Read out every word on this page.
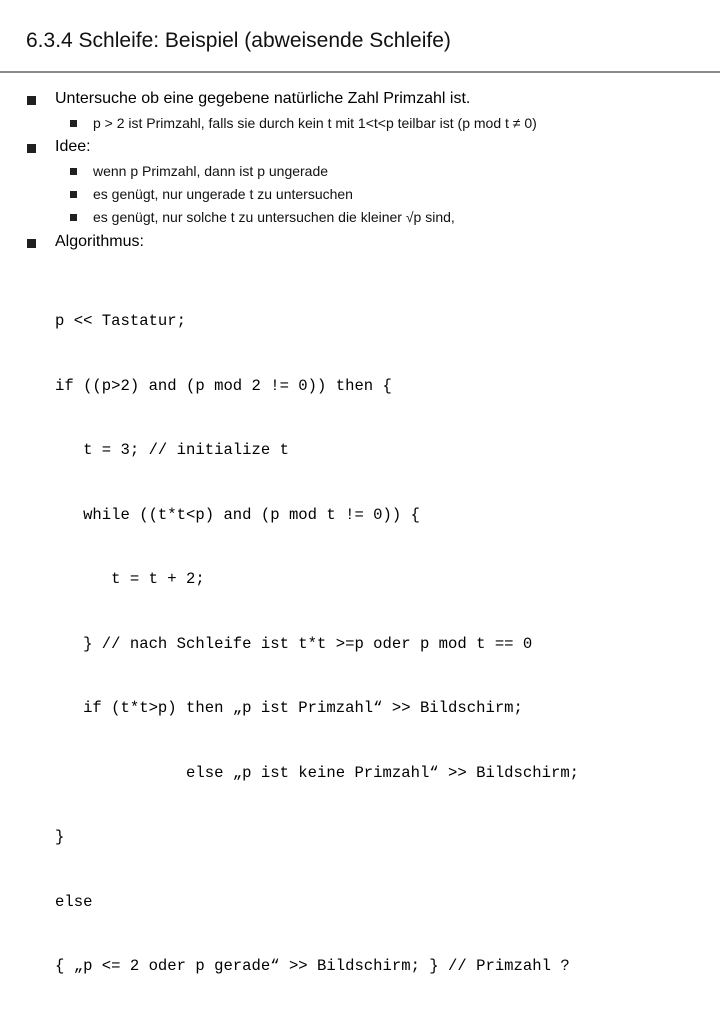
6.3.4 Schleife: Beispiel (abweisende Schleife)
Untersuche ob eine gegebene natürliche Zahl Primzahl ist.
p > 2 ist Primzahl, falls sie durch kein t mit 1<t<p teilbar ist (p mod t ≠ 0)
Idee:
wenn p Primzahl, dann ist p ungerade
es genügt, nur ungerade t zu untersuchen
es genügt, nur solche t zu untersuchen die kleiner √p sind,
Algorithmus:

p << Tastatur;

if ((p>2) and (p mod 2 != 0)) then {

t = 3; // initialize t

while ((t*t<p) and (p mod t != 0)) {

t = t + 2;

} // nach Schleife ist t*t >=p oder p mod t == 0

if (t*t>p) then „p ist Primzahl“ >> Bildschirm;

else „p ist keine Primzahl“ >> Bildschirm;

}

else

{ „p <= 2 oder p gerade“ >> Bildschirm; } // Primzahl ?
